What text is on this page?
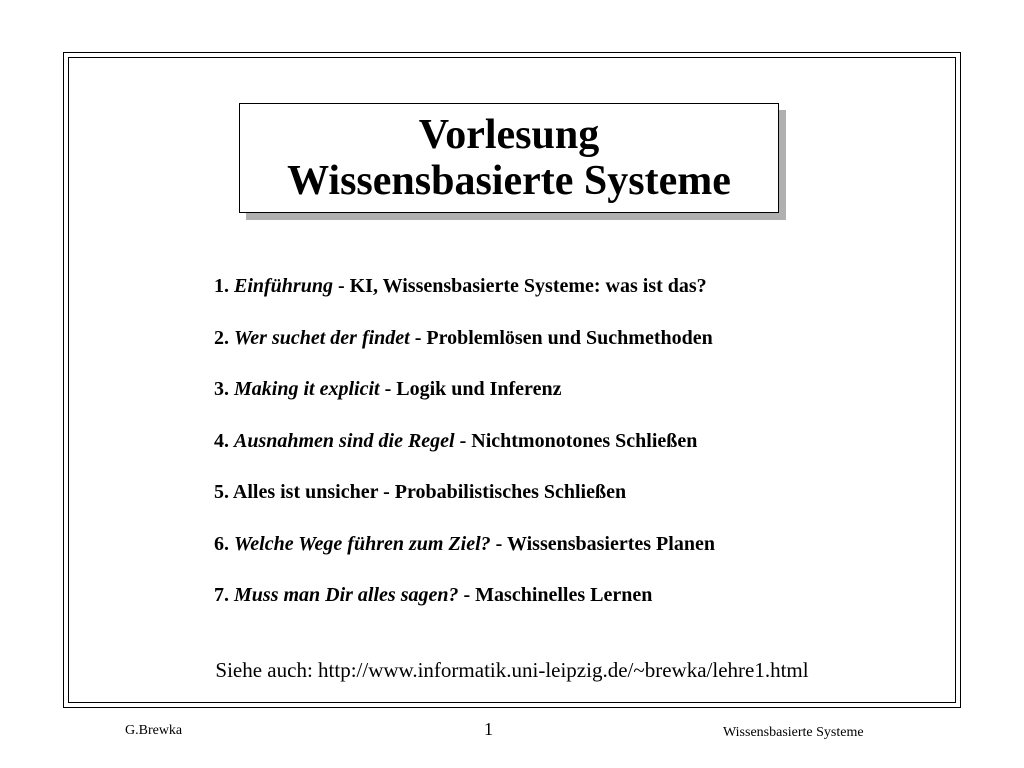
Vorlesung
Wissensbasierte Systeme
1. Einführung - KI, Wissensbasierte Systeme: was ist das?
2. Wer suchet der findet - Problemlösen und Suchmethoden
3. Making it explicit - Logik und Inferenz
4. Ausnahmen sind die Regel - Nichtmonotones Schließen
5. Alles ist unsicher - Probabilistisches Schließen
6. Welche Wege führen zum Ziel? - Wissensbasiertes Planen
7. Muss man Dir alles sagen? - Maschinelles Lernen
Siehe auch: http://www.informatik.uni-leipzig.de/~brewka/lehre1.html
G.Brewka	1	Wissensbasierte Systeme
